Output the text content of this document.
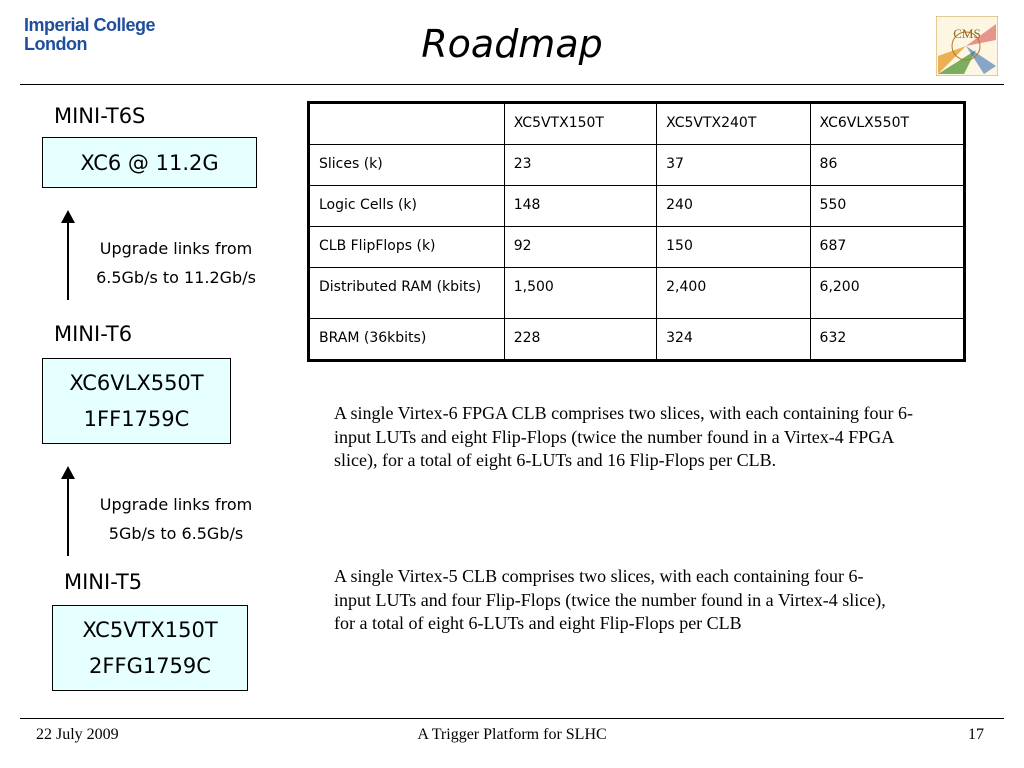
Imperial College
London	Roadmap	CMS
MINI-T6S
XC6 @ 11.2G
Upgrade links from
6.5Gb/s to 11.2Gb/s
MINI-T6
XC6VLX550T
1FF1759C
Upgrade links from
5Gb/s to 6.5Gb/s
MINI-T5
XC5VTX150T
2FFG1759C
	XC5VTX150T	XC5VTX240T	XC6VLX550T
Slices (k)	23	37	86
Logic Cells (k)	148	240	550
CLB FlipFlops (k)	92	150	687
Distributed RAM (kbits)	1,500	2,400	6,200
BRAM (36kbits)	228	324	632
A single Virtex-6 FPGA CLB comprises two slices, with each containing four 6-input LUTs and eight Flip-Flops (twice the number found in a Virtex-4 FPGA slice), for a total of eight 6-LUTs and 16 Flip-Flops per CLB.
A single Virtex-5 CLB comprises two slices, with each containing four 6-input LUTs and four Flip-Flops (twice the number found in a Virtex-4 slice), for a total of eight 6-LUTs and eight Flip-Flops per CLB
22 July 2009	A Trigger Platform for SLHC	17
